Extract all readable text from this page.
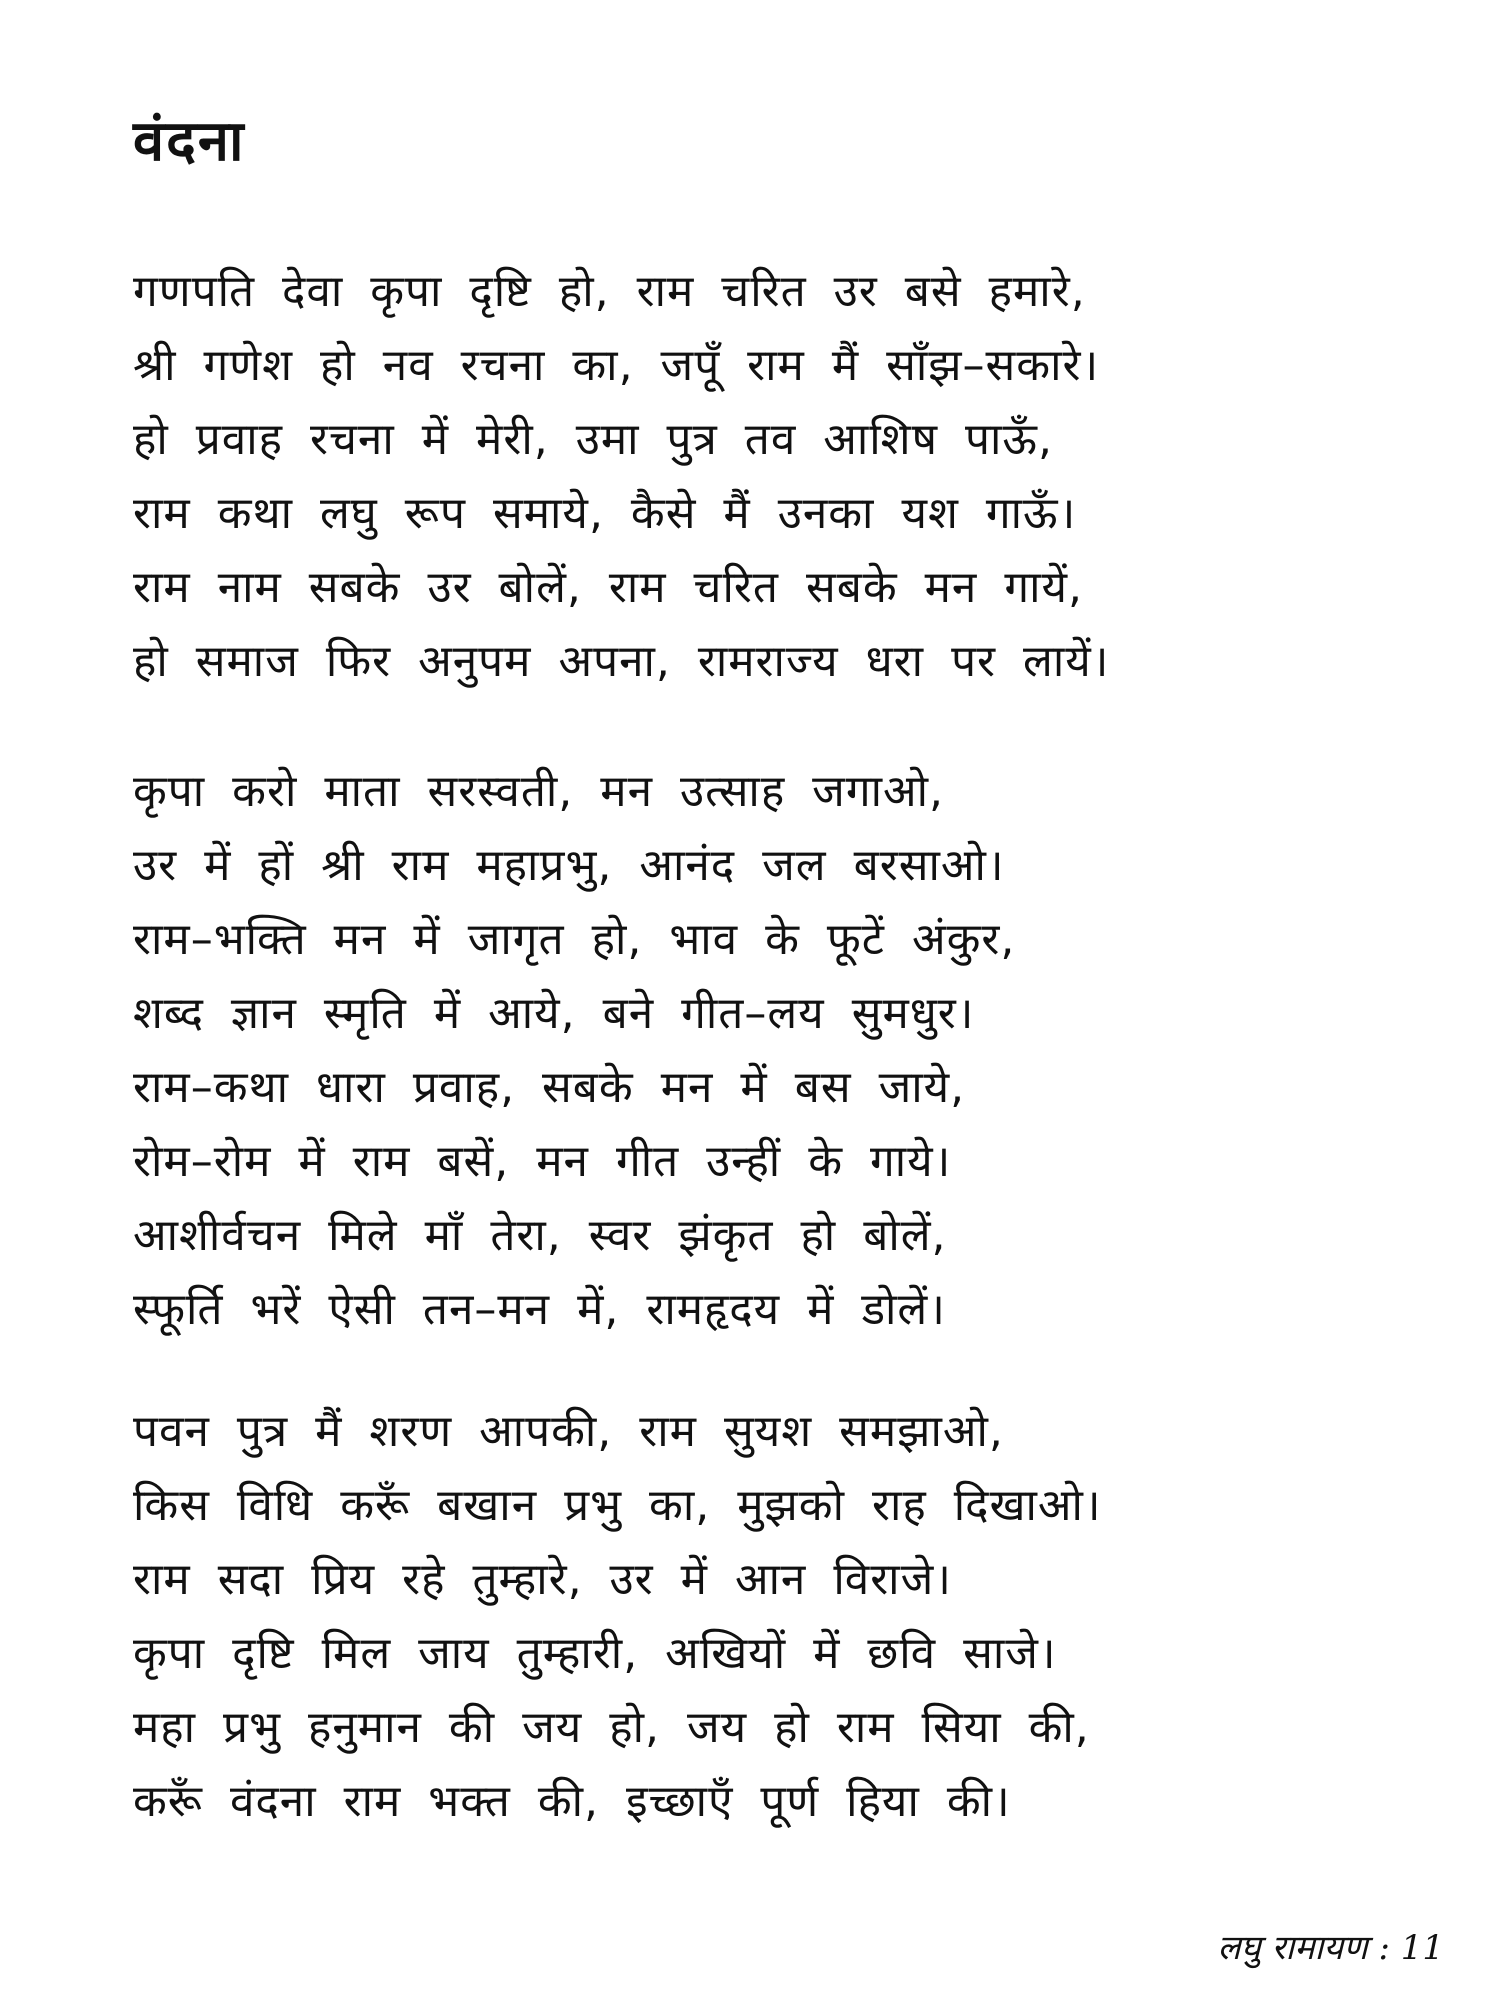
वंदना
गणपति देवा कृपा दृष्टि हो, राम चरित उर बसे हमारे,
श्री गणेश हो नव रचना का, जपूँ राम मैं साँझ–सकारे।
हो प्रवाह रचना में मेरी, उमा पुत्र तव आशिष पाऊँ,
राम कथा लघु रूप समाये, कैसे मैं उनका यश गाऊँ।
राम नाम सबके उर बोलें, राम चरित सबके मन गायें,
हो समाज फिर अनुपम अपना, रामराज्य धरा पर लायें।
कृपा करो माता सरस्वती, मन उत्साह जगाओ,
उर में हों श्री राम महाप्रभु, आनंद जल बरसाओ।
राम–भक्ति मन में जागृत हो, भाव के फूटें अंकुर,
शब्द ज्ञान स्मृति में आये, बने गीत–लय सुमधुर।
राम–कथा धारा प्रवाह, सबके मन में बस जाये,
रोम–रोम में राम बसें, मन गीत उन्हीं के गाये।
आशीर्वचन मिले माँ तेरा, स्वर झंकृत हो बोलें,
स्फूर्ति भरें ऐसी तन–मन में, रामहृदय में डोलें।
पवन पुत्र मैं शरण आपकी, राम सुयश समझाओ,
किस विधि करूँ बखान प्रभु का, मुझको राह दिखाओ।
राम सदा प्रिय रहे तुम्हारे, उर में आन विराजे।
कृपा दृष्टि मिल जाय तुम्हारी, अखियों में छवि साजे।
महा प्रभु हनुमान की जय हो, जय हो राम सिया की,
करूँ वंदना राम भक्त की, इच्छाएँ पूर्ण हिया की।
लघु रामायण : 11
